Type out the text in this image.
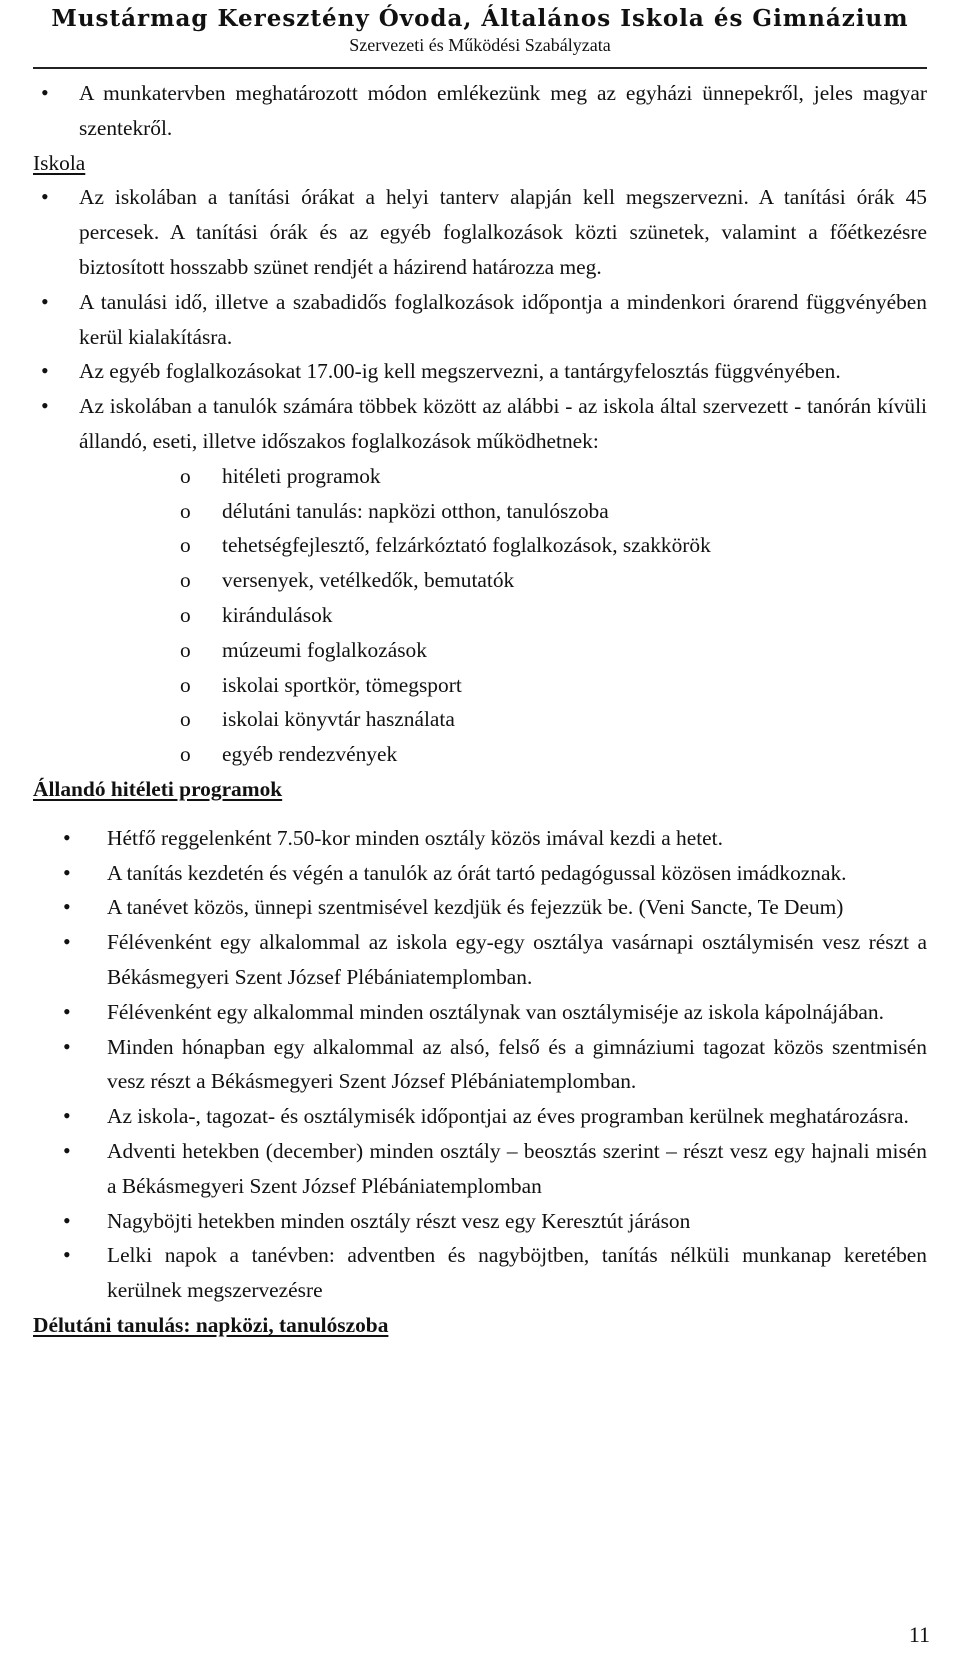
Mustármag Keresztény Óvoda, Általános Iskola és Gimnázium
Szervezeti és Működési Szabályzata
• A munkatervben meghatározott módon emlékezünk meg az egyházi ünnepekről, jeles magyar szentekről.
Iskola
• Az iskolában a tanítási órákat a helyi tanterv alapján kell megszervezni. A tanítási órák 45 percesek. A tanítási órák és az egyéb foglalkozások közti szünetek, valamint a főétkezésre biztosított hosszabb szünet rendjét a házirend határozza meg.
• A tanulási idő, illetve a szabadidős foglalkozások időpontja a mindenkori órarend függvényében kerül kialakításra.
• Az egyéb foglalkozásokat 17.00-ig kell megszervezni, a tantárgyfelosztás függvényében.
• Az iskolában a tanulók számára többek között az alábbi - az iskola által szervezett - tanórán kívüli állandó, eseti, illetve időszakos foglalkozások működhetnek:
o hitéleti programok
o délutáni tanulás: napközi otthon, tanulószoba
o tehetségfejlesztő, felzárkóztató foglalkozások, szakkörök
o versenyek, vetélkedők, bemutatók
o kirándulások
o múzeumi foglalkozások
o iskolai sportkör, tömegsport
o iskolai könyvtár használata
o egyéb rendezvények
Állandó hitéleti programok
• Hétfő reggelenként 7.50-kor minden osztály közös imával kezdi a hetet.
• A tanítás kezdetén és végén a tanulók az órát tartó pedagógussal közösen imádkoznak.
• A tanévet közös, ünnepi szentmisével kezdjük és fejezzük be. (Veni Sancte, Te Deum)
• Félévenként egy alkalommal az iskola egy-egy osztálya vasárnapi osztálymisén vesz részt a Békásmegyeri Szent József Plébániatemplomban.
• Félévenként egy alkalommal minden osztálynak van osztálymiséje az iskola kápolnájában.
• Minden hónapban egy alkalommal az alsó, felső és a gimnáziumi tagozat közös szentmisén vesz részt a Békásmegyeri Szent József Plébániatemplomban.
• Az iskola-, tagozat- és osztálymisék időpontjai az éves programban kerülnek meghatározásra.
• Adventi hetekben (december) minden osztály – beosztás szerint – részt vesz egy hajnali misén a Békásmegyeri Szent József Plébániatemplomban
• Nagyböjti hetekben minden osztály részt vesz egy Keresztút járáson
• Lelki napok a tanévben: adventben és nagyböjtben, tanítás nélküli munkanap keretében kerülnek megszervezésre
Délutáni tanulás: napközi, tanulószoba
11
